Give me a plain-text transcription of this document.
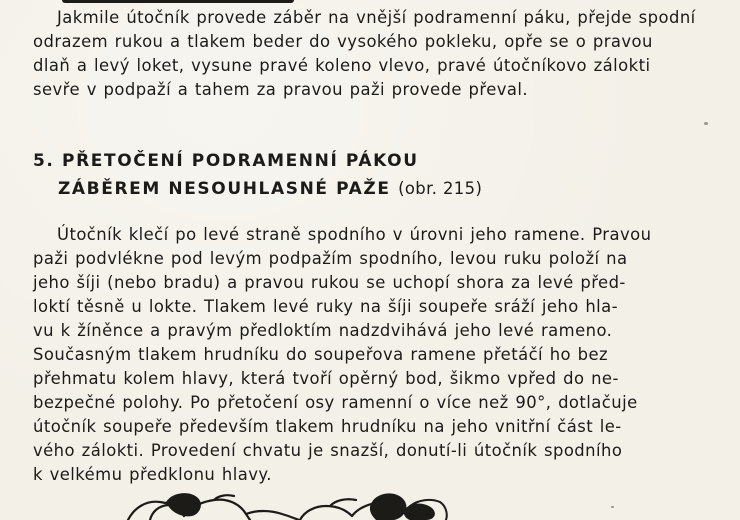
Jakmile útočník provede záběr na vnější podramenní páku, přejde spodní
odrazem rukou a tlakem beder do vysokého pokleku, opře se o pravou
dlaň a levý loket, vysune pravé koleno vlevo, pravé útočníkovo zálokti
sevře v podpaží a tahem za pravou paži provede převal.

5. PŘETOČENÍ PODRAMENNÍ PÁKOU
ZÁBĚREM NESOUHLASNÉ PAŽE (obr. 215)

Útočník klečí po levé straně spodního v úrovni jeho ramene. Pravou
paži podvlékne pod levým podpažím spodního, levou ruku položí na
jeho šíji (nebo bradu) a pravou rukou se uchopí shora za levé před-
loktí těsně u lokte. Tlakem levé ruky na šíji soupeře sráží jeho hla-
vu k žíněnce a pravým předloktím nadzdvihává jeho levé rameno.
Současným tlakem hrudníku do soupeřova ramene přetáčí ho bez
přehmatu kolem hlavy, která tvoří opěrný bod, šikmo vpřed do ne-
bezpečné polohy. Po přetočení osy ramenní o více než 90°, dotlačuje
útočník soupeře především tlakem hrudníku na jeho vnitřní část le-
vého zálokti. Provedení chvatu je snazší, donutí-li útočník spodního
k velkému předklonu hlavy.
